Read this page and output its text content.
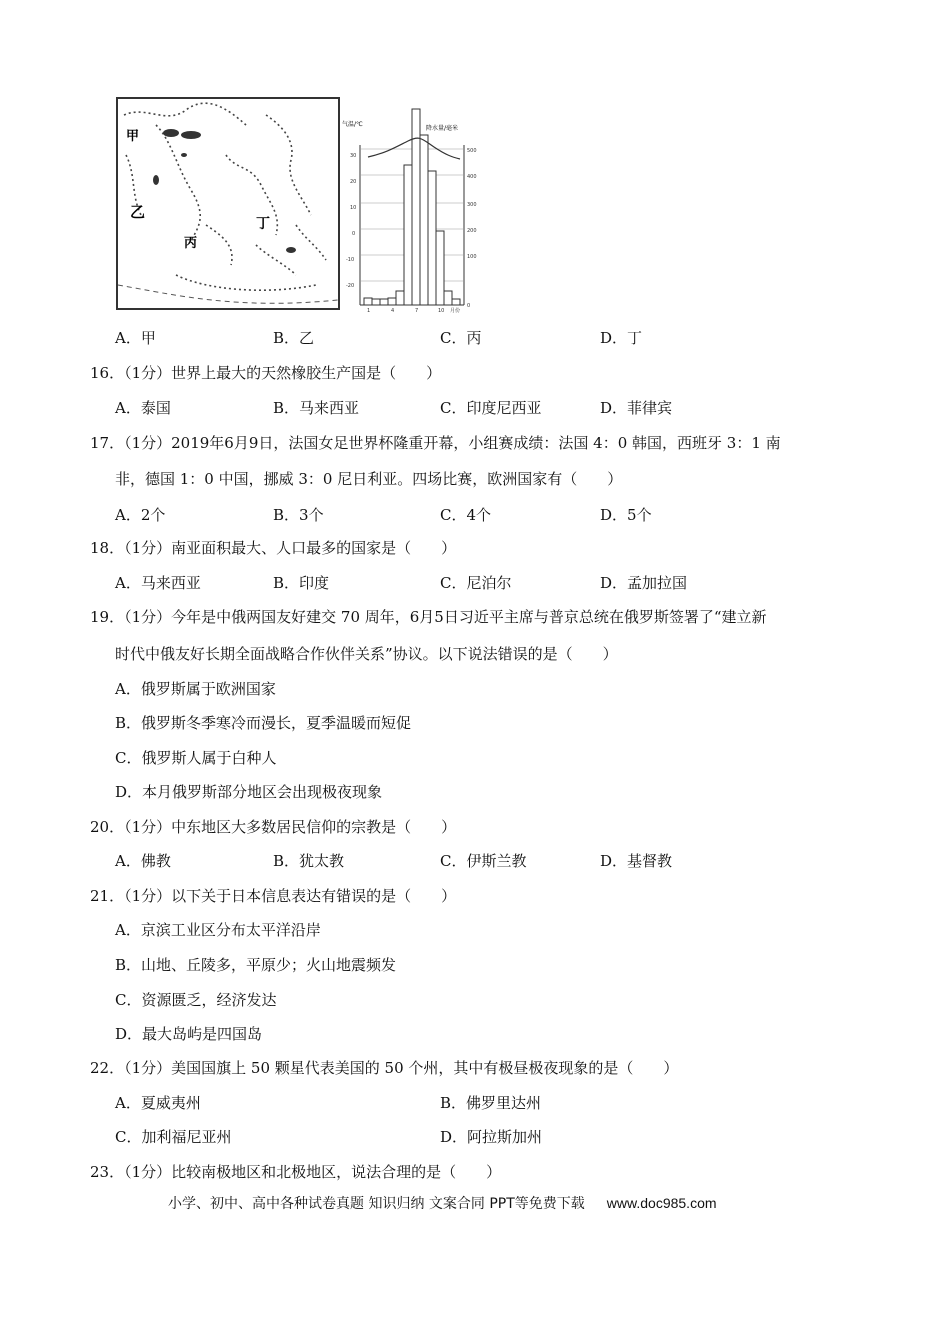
甲
乙
丙
丁
气温/℃
降水量/毫米
30
20
10
0
-10
-20
500
400
300
200
100
0
1	4	7	10 月份
A．甲	B．乙	C．丙	D．丁
16．（1分）世界上最大的天然橡胶生产国是（　　）
A．泰国	B．马来西亚	C．印度尼西亚	D．菲律宾
17．（1分）2019年6月9日，法国女足世界杯隆重开幕，小组赛成绩：法国 4：0 韩国，西班牙 3：1 南
非，德国 1：0 中国，挪威 3：0 尼日利亚。四场比赛，欧洲国家有（　　）
A．2个	B．3个	C．4个	D．5个
18．（1分）南亚面积最大、人口最多的国家是（　　）
A．马来西亚	B．印度	C．尼泊尔	D．孟加拉国
19．（1分）今年是中俄两国友好建交 70 周年，6月5日习近平主席与普京总统在俄罗斯签署了“建立新
时代中俄友好长期全面战略合作伙伴关系”协议。以下说法错误的是（　　）
A．俄罗斯属于欧洲国家
B．俄罗斯冬季寒冷而漫长，夏季温暖而短促
C．俄罗斯人属于白种人
D．本月俄罗斯部分地区会出现极夜现象
20．（1分）中东地区大多数居民信仰的宗教是（　　）
A．佛教	B．犹太教	C．伊斯兰教	D．基督教
21．（1分）以下关于日本信息表达有错误的是（　　）
A．京滨工业区分布太平洋沿岸
B．山地、丘陵多，平原少；火山地震频发
C．资源匮乏，经济发达
D．最大岛屿是四国岛
22．（1分）美国国旗上 50 颗星代表美国的 50 个州，其中有极昼极夜现象的是（　　）
A．夏威夷州	B．佛罗里达州
C．加利福尼亚州	D．阿拉斯加州
23．（1分）比较南极地区和北极地区，说法合理的是（　　）
小学、初中、高中各种试卷真题 知识归纳 文案合同 PPT等免费下载 www.doc985.com
